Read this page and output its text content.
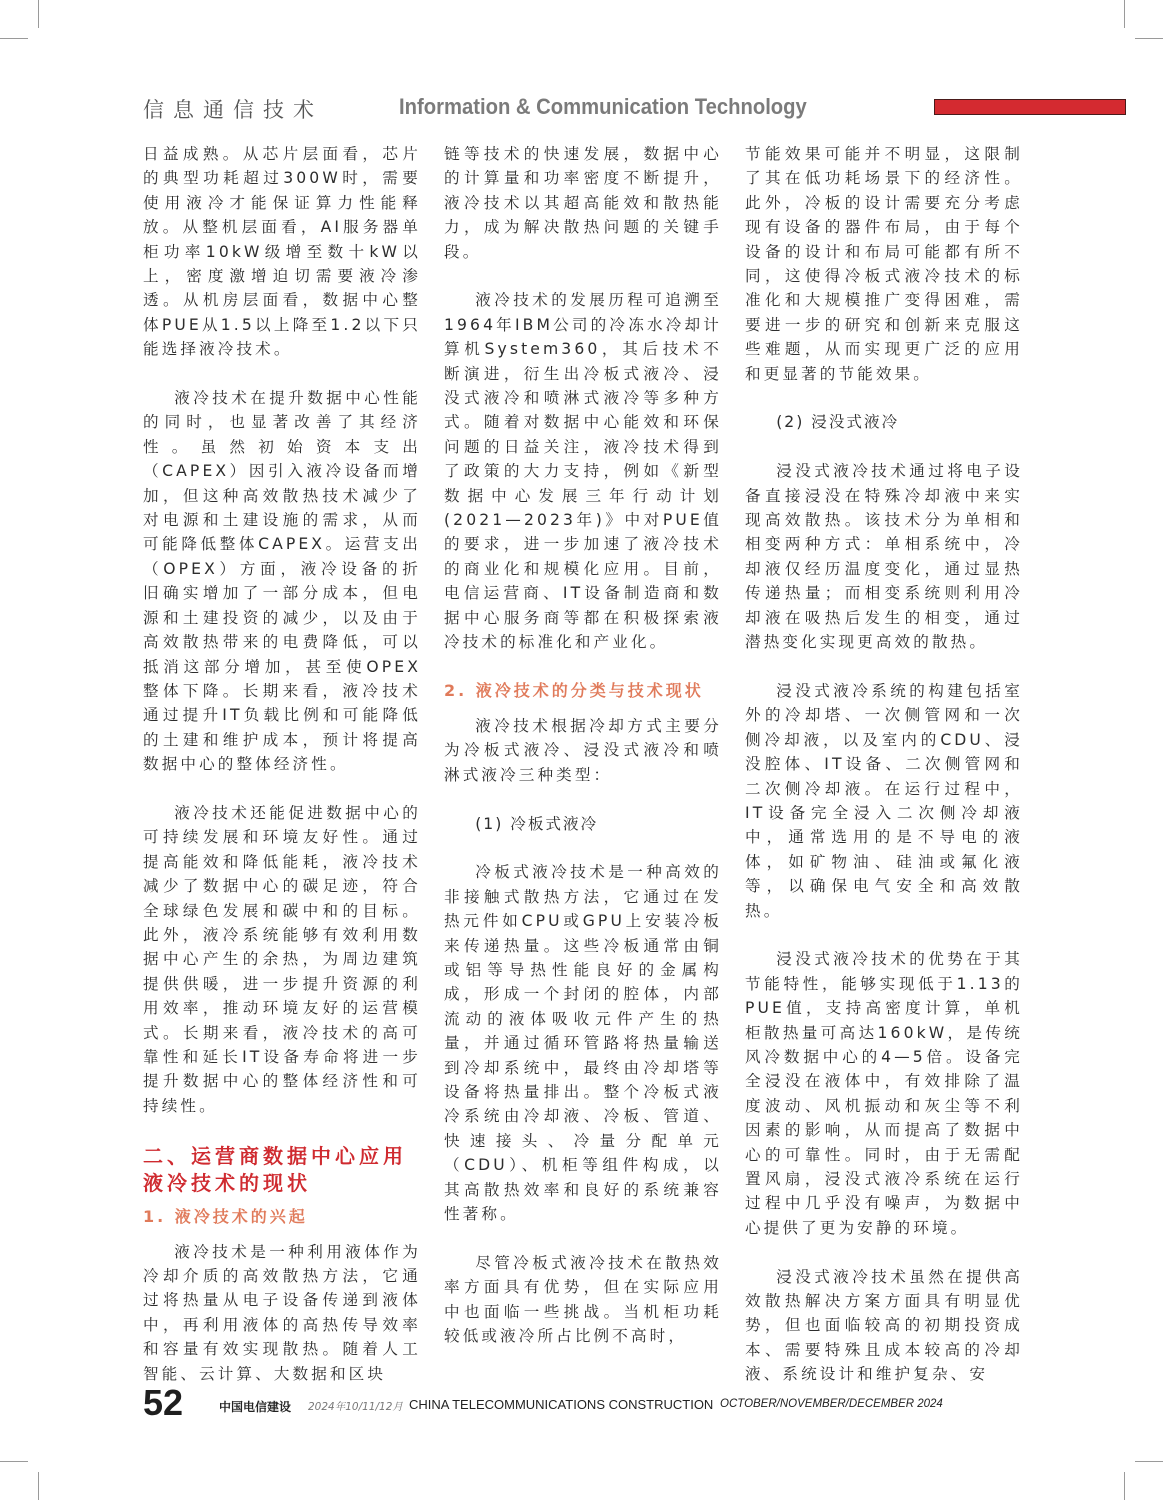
信息通信技术	Information & Communication Technology
日益成熟。从芯片层面看，芯片的典型功耗超过300W时，需要使用液冷才能保证算力性能释放。从整机层面看，AI服务器单柜功率10kW级增至数十kW以上，密度激增迫切需要液冷渗透。从机房层面看，数据中心整体PUE从1.5以上降至1.2以下只能选择液冷技术。
液冷技术在提升数据中心性能的同时，也显著改善了其经济性。虽然初始资本支出（CAPEX）因引入液冷设备而增加，但这种高效散热技术减少了对电源和土建设施的需求，从而可能降低整体CAPEX。运营支出（OPEX）方面，液冷设备的折旧确实增加了一部分成本，但电源和土建投资的减少，以及由于高效散热带来的电费降低，可以抵消这部分增加，甚至使OPEX整体下降。长期来看，液冷技术通过提升IT负载比例和可能降低的土建和维护成本，预计将提高数据中心的整体经济性。
液冷技术还能促进数据中心的可持续发展和环境友好性。通过提高能效和降低能耗，液冷技术减少了数据中心的碳足迹，符合全球绿色发展和碳中和的目标。此外，液冷系统能够有效利用数据中心产生的余热，为周边建筑提供供暖，进一步提升资源的利用效率，推动环境友好的运营模式。长期来看，液冷技术的高可靠性和延长IT设备寿命将进一步提升数据中心的整体经济性和可持续性。
二、运营商数据中心应用液冷技术的现状
1. 液冷技术的兴起
液冷技术是一种利用液体作为冷却介质的高效散热方法，它通过将热量从电子设备传递到液体中，再利用液体的高热传导效率和容量有效实现散热。随着人工智能、云计算、大数据和区块
链等技术的快速发展，数据中心的计算量和功率密度不断提升，液冷技术以其超高能效和散热能力，成为解决散热问题的关键手段。
液冷技术的发展历程可追溯至1964年IBM公司的冷冻水冷却计算机System360，其后技术不断演进，衍生出冷板式液冷、浸没式液冷和喷淋式液冷等多种方式。随着对数据中心能效和环保问题的日益关注，液冷技术得到了政策的大力支持，例如《新型数据中心发展三年行动计划(2021—2023年)》中对PUE值的要求，进一步加速了液冷技术的商业化和规模化应用。目前，电信运营商、IT设备制造商和数据中心服务商等都在积极探索液冷技术的标准化和产业化。
2. 液冷技术的分类与技术现状
液冷技术根据冷却方式主要分为冷板式液冷、浸没式液冷和喷淋式液冷三种类型：
(1) 冷板式液冷
冷板式液冷技术是一种高效的非接触式散热方法，它通过在发热元件如CPU或GPU上安装冷板来传递热量。这些冷板通常由铜或铝等导热性能良好的金属构成，形成一个封闭的腔体，内部流动的液体吸收元件产生的热量，并通过循环管路将热量输送到冷却系统中，最终由冷却塔等设备将热量排出。整个冷板式液冷系统由冷却液、冷板、管道、快速接头、冷量分配单元（CDU）、机柜等组件构成，以其高散热效率和良好的系统兼容性著称。
尽管冷板式液冷技术在散热效率方面具有优势，但在实际应用中也面临一些挑战。当机柜功耗较低或液冷所占比例不高时，
节能效果可能并不明显，这限制了其在低功耗场景下的经济性。此外，冷板的设计需要充分考虑现有设备的器件布局，由于每个设备的设计和布局可能都有所不同，这使得冷板式液冷技术的标准化和大规模推广变得困难，需要进一步的研究和创新来克服这些难题，从而实现更广泛的应用和更显著的节能效果。
(2) 浸没式液冷
浸没式液冷技术通过将电子设备直接浸没在特殊冷却液中来实现高效散热。该技术分为单相和相变两种方式：单相系统中，冷却液仅经历温度变化，通过显热传递热量；而相变系统则利用冷却液在吸热后发生的相变，通过潜热变化实现更高效的散热。
浸没式液冷系统的构建包括室外的冷却塔、一次侧管网和一次侧冷却液，以及室内的CDU、浸没腔体、IT设备、二次侧管网和二次侧冷却液。在运行过程中，IT设备完全浸入二次侧冷却液中，通常选用的是不导电的液体，如矿物油、硅油或氟化液等，以确保电气安全和高效散热。
浸没式液冷技术的优势在于其节能特性，能够实现低于1.13的PUE值，支持高密度计算，单机柜散热量可高达160kW，是传统风冷数据中心的4—5倍。设备完全浸没在液体中，有效排除了温度波动、风机振动和灰尘等不利因素的影响，从而提高了数据中心的可靠性。同时，由于无需配置风扇，浸没式液冷系统在运行过程中几乎没有噪声，为数据中心提供了更为安静的环境。
浸没式液冷技术虽然在提供高效散热解决方案方面具有明显优势，但也面临较高的初期投资成本、需要特殊且成本较高的冷却液、系统设计和维护复杂、安
52	中国电信建设 2024年10/11/12月 CHINA TELECOMMUNICATIONS CONSTRUCTION OCTOBER/NOVEMBER/DECEMBER 2024
